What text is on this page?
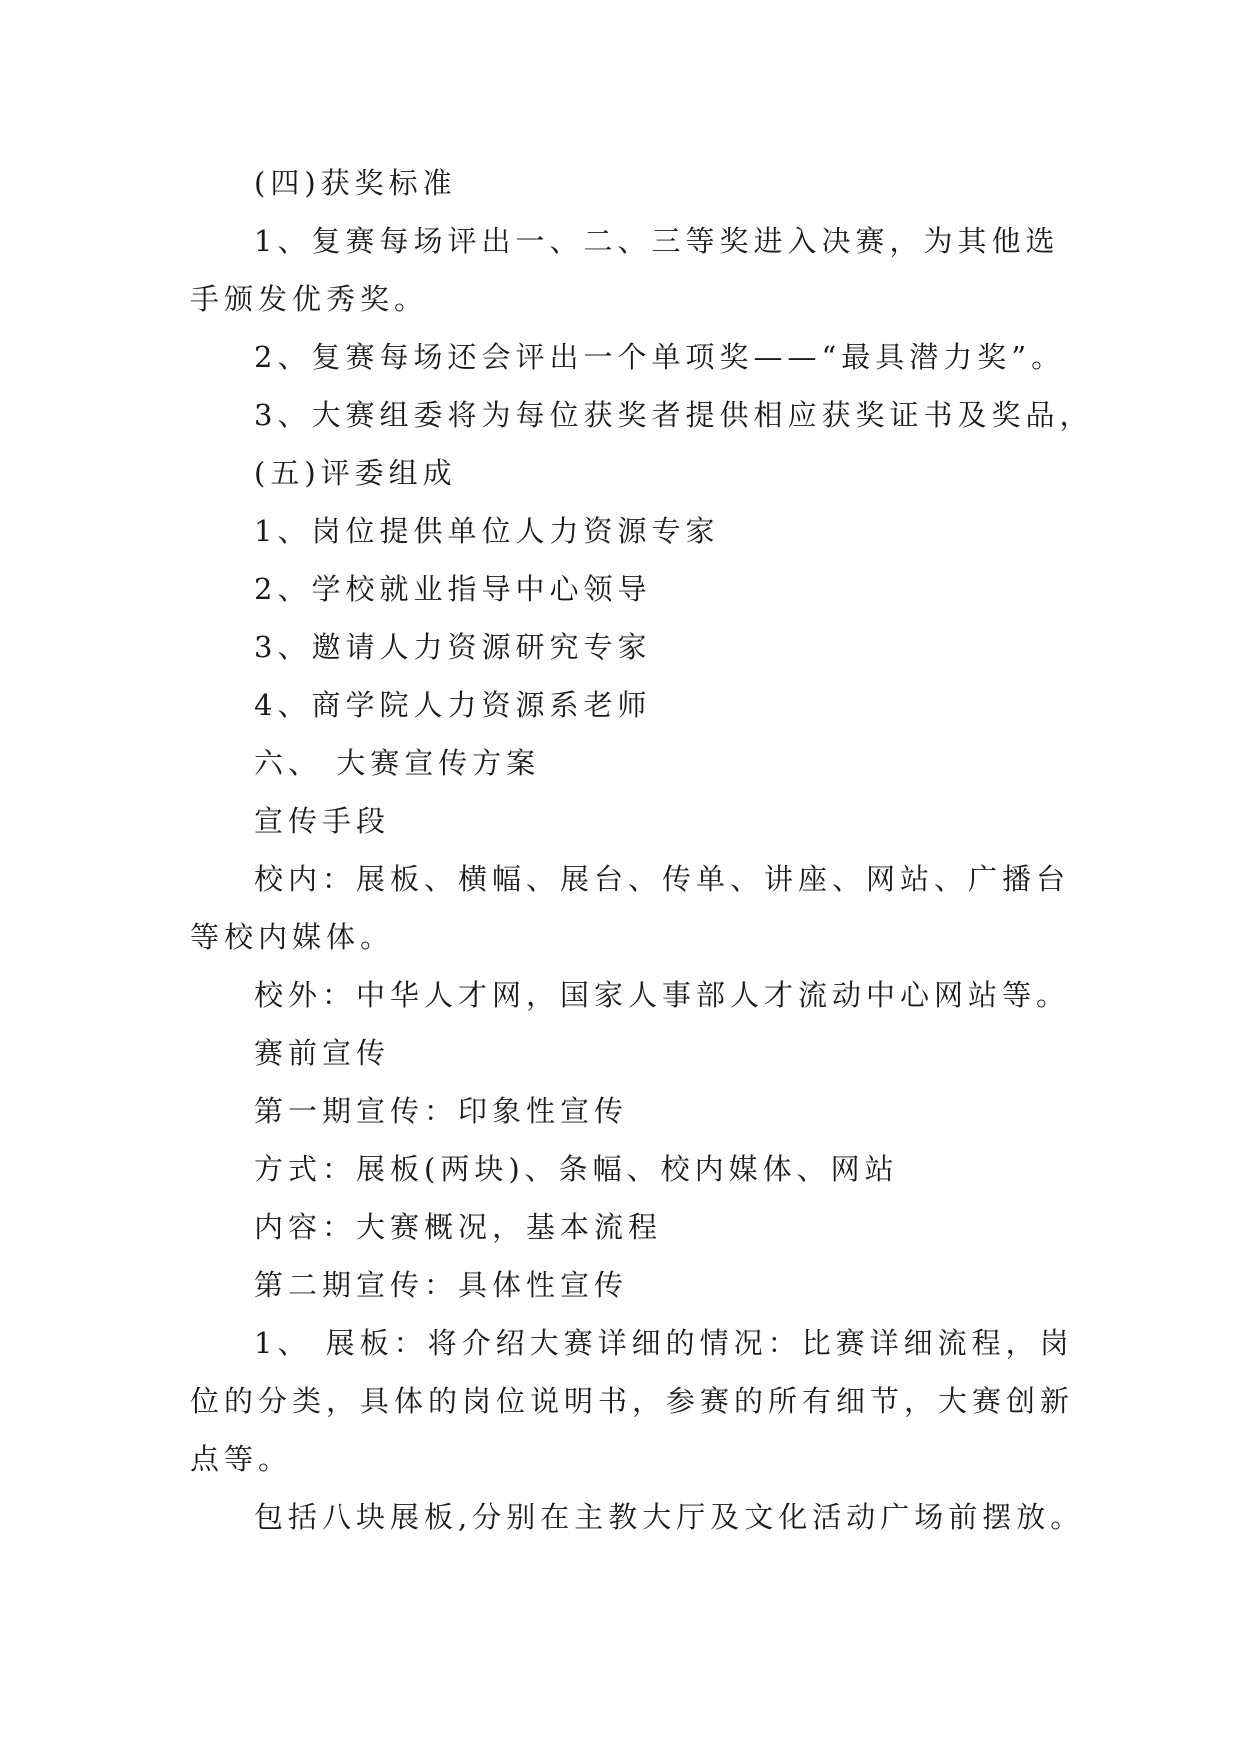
(四)获奖标准
1、复赛每场评出一、二、三等奖进入决赛，为其他选
手颁发优秀奖。
2、复赛每场还会评出一个单项奖——“最具潜力奖”。
3、大赛组委将为每位获奖者提供相应获奖证书及奖品，
(五)评委组成
1、岗位提供单位人力资源专家
2、学校就业指导中心领导
3、邀请人力资源研究专家
4、商学院人力资源系老师
六、 大赛宣传方案
宣传手段
校内：展板、横幅、展台、传单、讲座、网站、广播台
等校内媒体。
校外：中华人才网，国家人事部人才流动中心网站等。
赛前宣传
第一期宣传：印象性宣传
方式：展板(两块)、条幅、校内媒体、网站
内容：大赛概况，基本流程
第二期宣传：具体性宣传
1、 展板：将介绍大赛详细的情况：比赛详细流程，岗
位的分类，具体的岗位说明书，参赛的所有细节，大赛创新
点等。
包括八块展板,分别在主教大厅及文化活动广场前摆放。
